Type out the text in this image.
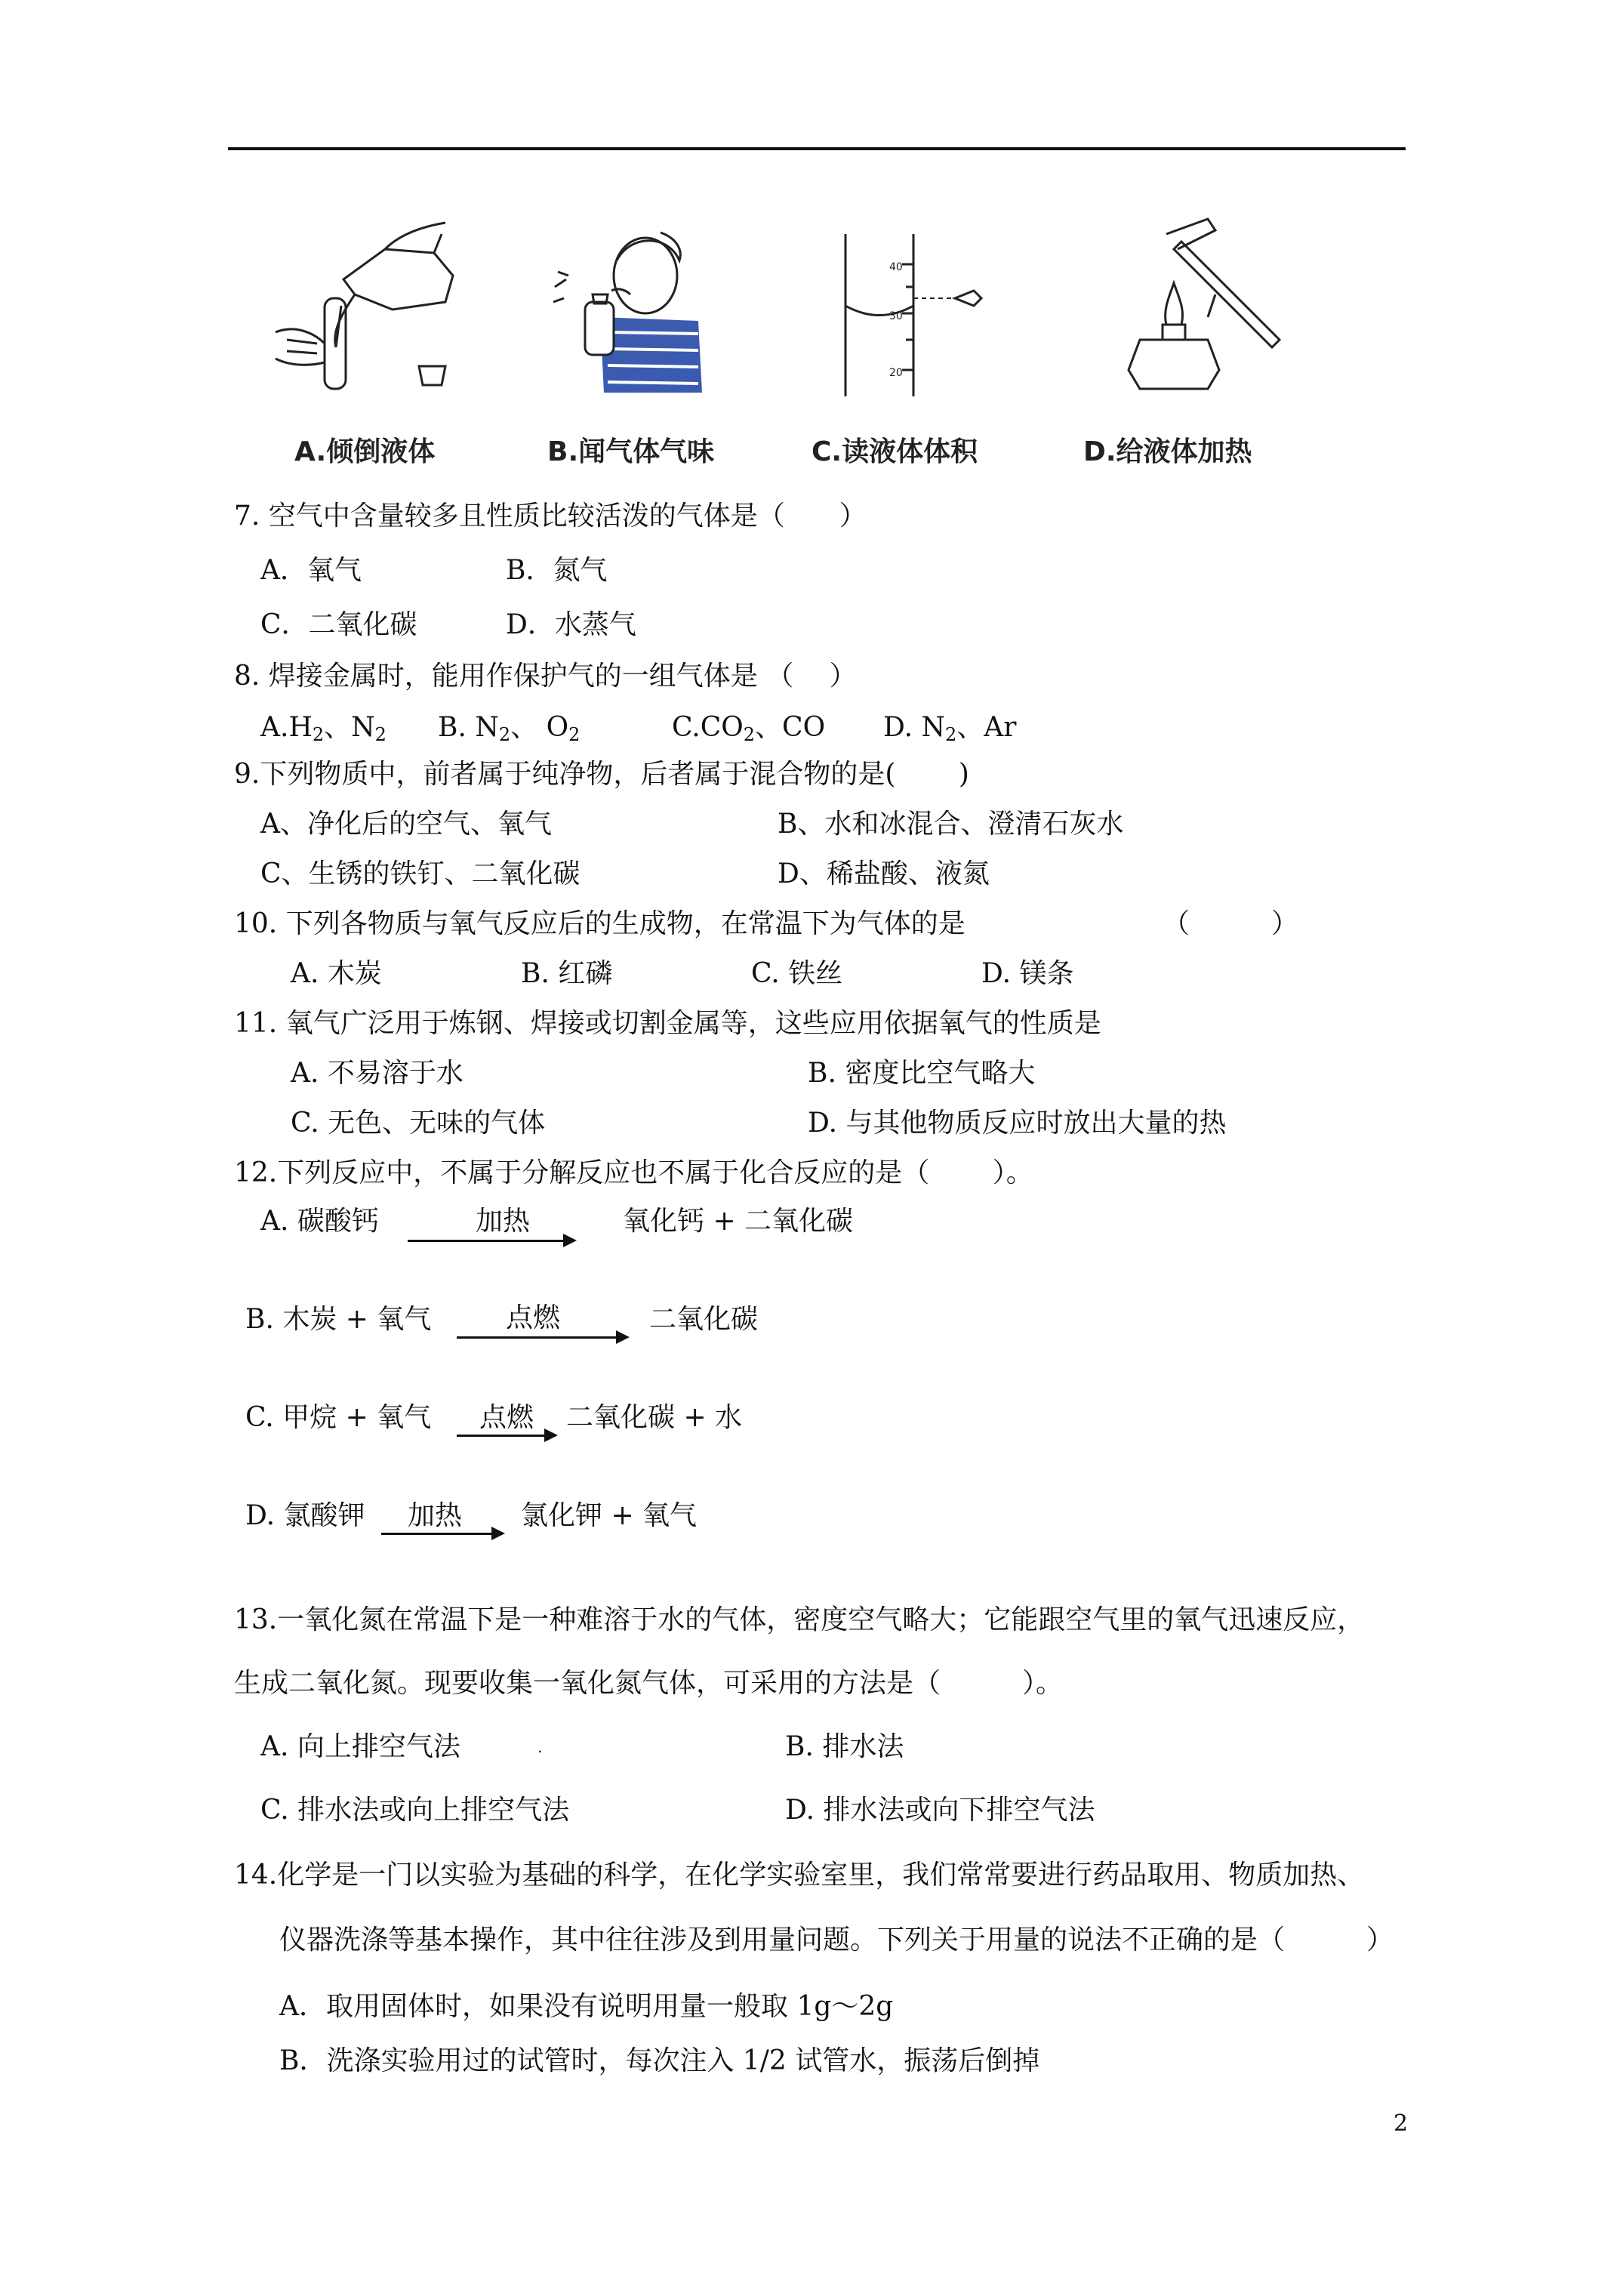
A.倾倒液体	B.闻气体气味
40
30
20
C.读液体体积	D.给液体加热
7. 空气中含量较多且性质比较活泼的气体是（　　）
A．氧气	B．氮气
C．二氧化碳	D．水蒸气
8. 焊接金属时，能用作保护气的一组气体是 （　 ）
$A.H_2$、$N_2$ B. $N_2$、 $O_2$	$C.CO_2$、CO D. $N_2$、Ar
9.下列物质中，前者属于纯净物，后者属于混合物的是(　　 )
A、净化后的空气、氧气	B、水和冰混合、澄清石灰水
C、生锈的铁钉、二氧化碳	D、稀盐酸、液氮
10. 下列各物质与氧气反应后的生成物，在常温下为气体的是	（　　　）
A. 木炭	B. 红磷	C. 铁丝	D. 镁条
11. 氧气广泛用于炼钢、焊接或切割金属等，这些应用依据氧气的性质是
A. 不易溶于水	B. 密度比空气略大
C. 无色、无味的气体	D. 与其他物质反应时放出大量的热
12.下列反应中，不属于分解反应也不属于化合反应的是（　　 ）。
A. 碳酸钙	加热	氧化钙 + 二氧化碳
B. 木炭 + 氧气	点燃	二氧化碳
C. 甲烷 + 氧气 点燃 二氧化碳 + 水
D. 氯酸钾 加热 氯化钾 + 氧气
13.一氧化氮在常温下是一种难溶于水的气体，密度空气略大；它能跟空气里的氧气迅速反应，
生成二氧化氮。现要收集一氧化氮气体，可采用的方法是（　　　）。
A. 向上排空气法	.	B. 排水法
C. 排水法或向上排空气法	D. 排水法或向下排空气法
14.化学是一门以实验为基础的科学，在化学实验室里，我们常常要进行药品取用、物质加热、
仪器洗涤等基本操作，其中往往涉及到用量问题。下列关于用量的说法不正确的是（　　　）
A．取用固体时，如果没有说明用量一般取 1g～2g
B．洗涤实验用过的试管时，每次注入 1/2 试管水，振荡后倒掉
2
